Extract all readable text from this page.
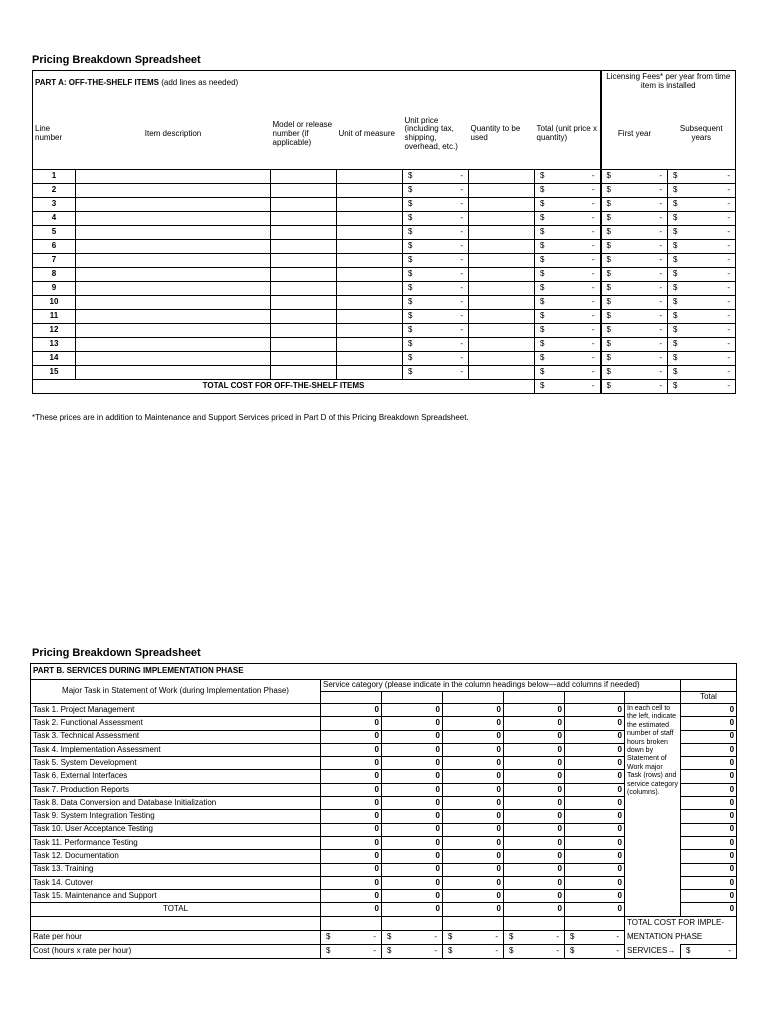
Pricing Breakdown Spreadsheet
PART A: OFF-THE-SHELF ITEMS (add lines as needed)							Licensing Fees* per year from time item is installed	
Line number	Item description	Model or release number (if applicable)	Unit of measure	Unit price (including tax, shipping, overhead, etc.)	Quantity to be used	Total (unit price x quantity)	First year	Subsequent years
1				$ -		$ -	$ -	$ -

2				$ -		$ -	$ -	$ -

3				$ -		$ -	$ -	$ -

4				$ -		$ -	$ -	$ -

5				$ -		$ -	$ -	$ -

6				$ -		$ -	$ -	$ -

7				$ -		$ -	$ -	$ -

8				$ -		$ -	$ -	$ -

9				$ -		$ -	$ -	$ -

10				$ -		$ -	$ -	$ -

11				$ -		$ -	$ -	$ -

12				$ -		$ -	$ -	$ -

13				$ -		$ -	$ -	$ -

14				$ -		$ -	$ -	$ -

15				$ -		$ -	$ -	$ -

TOTAL COST FOR OFF-THE-SHELF ITEMS						$ -	$ -	$ -
*These prices are in addition to Maintenance and Support Services priced in Part D of this Pricing Breakdown Spreadsheet.
Pricing Breakdown Spreadsheet
PART B. SERVICES DURING IMPLEMENTATION PHASE							
Major Task in Statement of Work (during Implementation Phase)	Service category (please indicate in the column headings below—add columns if needed)						
							Total
Task 1. Project Management	0	0	0	0	0	In each cell to the left, indicate the estimated number of staff hours broken down by Statement of Work major Task (rows) and service category (columns).	0
Task 2. Functional Assessment	0	0	0	0	0		0
Task 3. Technical Assessment	0	0	0	0	0		0
Task 4. Implementation Assessment	0	0	0	0	0		0
Task 5. System Development	0	0	0	0	0		0
Task 6. External Interfaces	0	0	0	0	0		0
Task 7. Production Reports	0	0	0	0	0		0
Task 8. Data Conversion and Database Initialization	0	0	0	0	0		0
Task 9. System Integration Testing	0	0	0	0	0		0
Task 10. User Acceptance Testing	0	0	0	0	0		0
Task 11. Performance Testing	0	0	0	0	0		0
Task 12. Documentation	0	0	0	0	0		0
Task 13. Training	0	0	0	0	0		0
Task 14. Cutover	0	0	0	0	0		0
Task 15. Maintenance and Support	0	0	0	0	0		0
TOTAL	0	0	0	0	0		0
						TOTAL COST FOR IMPLE-	
Rate per hour	$ -	$ -	$ -	$ -	$ -	MENTATION PHASE	
Cost (hours x rate per hour)	$ -	$ -	$ -	$ -	$ -	SERVICES→	$ -
